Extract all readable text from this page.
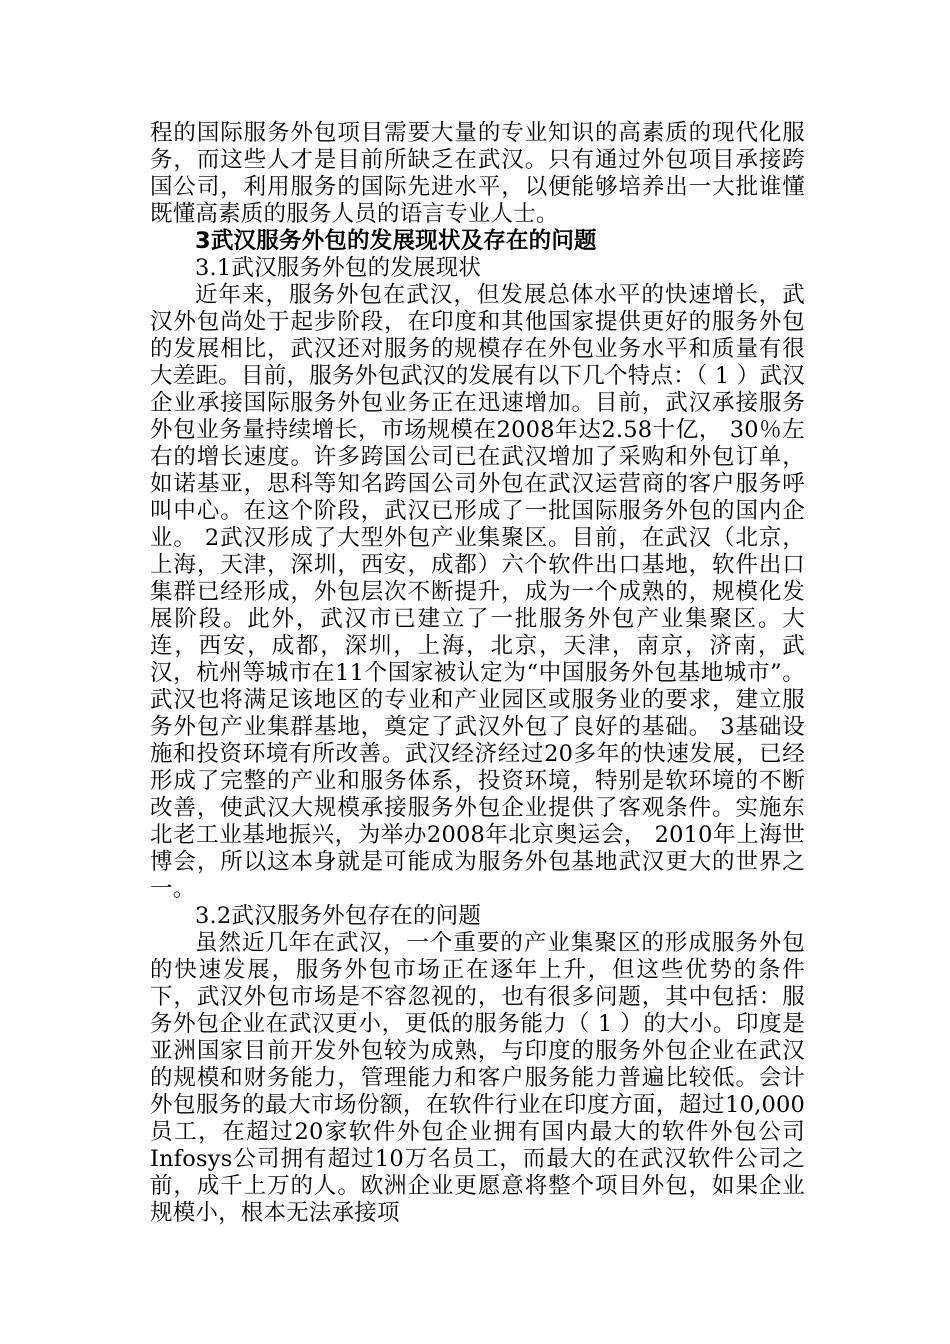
程的国际服务外包项目需要大量的专业知识的高素质的现代化服务，而这些人才是目前所缺乏在武汉。只有通过外包项目承接跨国公司，利用服务的国际先进水平，以便能够培养出一大批谁懂既懂高素质的服务人员的语言专业人士。

3武汉服务外包的发展现状及存在的问题
3.1武汉服务外包的发展现状

近年来，服务外包在武汉，但发展总体水平的快速增长，武汉外包尚处于起步阶段，在印度和其他国家提供更好的服务外包的发展相比，武汉还对服务的规模存在外包业务水平和质量有很大差距。目前，服务外包武汉的发展有以下几个特点：（ 1 ）武汉企业承接国际服务外包业务正在迅速增加。目前，武汉承接服务外包业务量持续增长，市场规模在2008年达2.58十亿， 30％左右的增长速度。许多跨国公司已在武汉增加了采购和外包订单，如诺基亚，思科等知名跨国公司外包在武汉运营商的客户服务呼叫中心。在这个阶段，武汉已形成了一批国际服务外包的国内企业。 2武汉形成了大型外包产业集聚区。目前，在武汉（北京，上海，天津，深圳，西安，成都）六个软件出口基地，软件出口集群已经形成，外包层次不断提升，成为一个成熟的，规模化发展阶段。此外，武汉市已建立了一批服务外包产业集聚区。大连，西安，成都，深圳，上海，北京，天津，南京，济南，武汉，杭州等城市在11个国家被认定为“中国服务外包基地城市”。武汉也将满足该地区的专业和产业园区或服务业的要求，建立服务外包产业集群基地，奠定了武汉外包了良好的基础。 3基础设施和投资环境有所改善。武汉经济经过20多年的快速发展，已经形成了完整的产业和服务体系，投资环境，特别是软环境的不断改善，使武汉大规模承接服务外包企业提供了客观条件。实施东北老工业基地振兴，为举办2008年北京奥运会， 2010年上海世博会，所以这本身就是可能成为服务外包基地武汉更大的世界之一。

3.2武汉服务外包存在的问题

虽然近几年在武汉，一个重要的产业集聚区的形成服务外包的快速发展，服务外包市场正在逐年上升，但这些优势的条件下，武汉外包市场是不容忽视的，也有很多问题，其中包括：服务外包企业在武汉更小，更低的服务能力（ 1 ）的大小。印度是亚洲国家目前开发外包较为成熟，与印度的服务外包企业在武汉的规模和财务能力，管理能力和客户服务能力普遍比较低。会计外包服务的最大市场份额，在软件行业在印度方面，超过10,000员工，在超过20家软件外包企业拥有国内最大的软件外包公司Infosys公司拥有超过10万名员工，而最大的在武汉软件公司之前，成千上万的人。欧洲企业更愿意将整个项目外包，如果企业规模小，根本无法承接项
